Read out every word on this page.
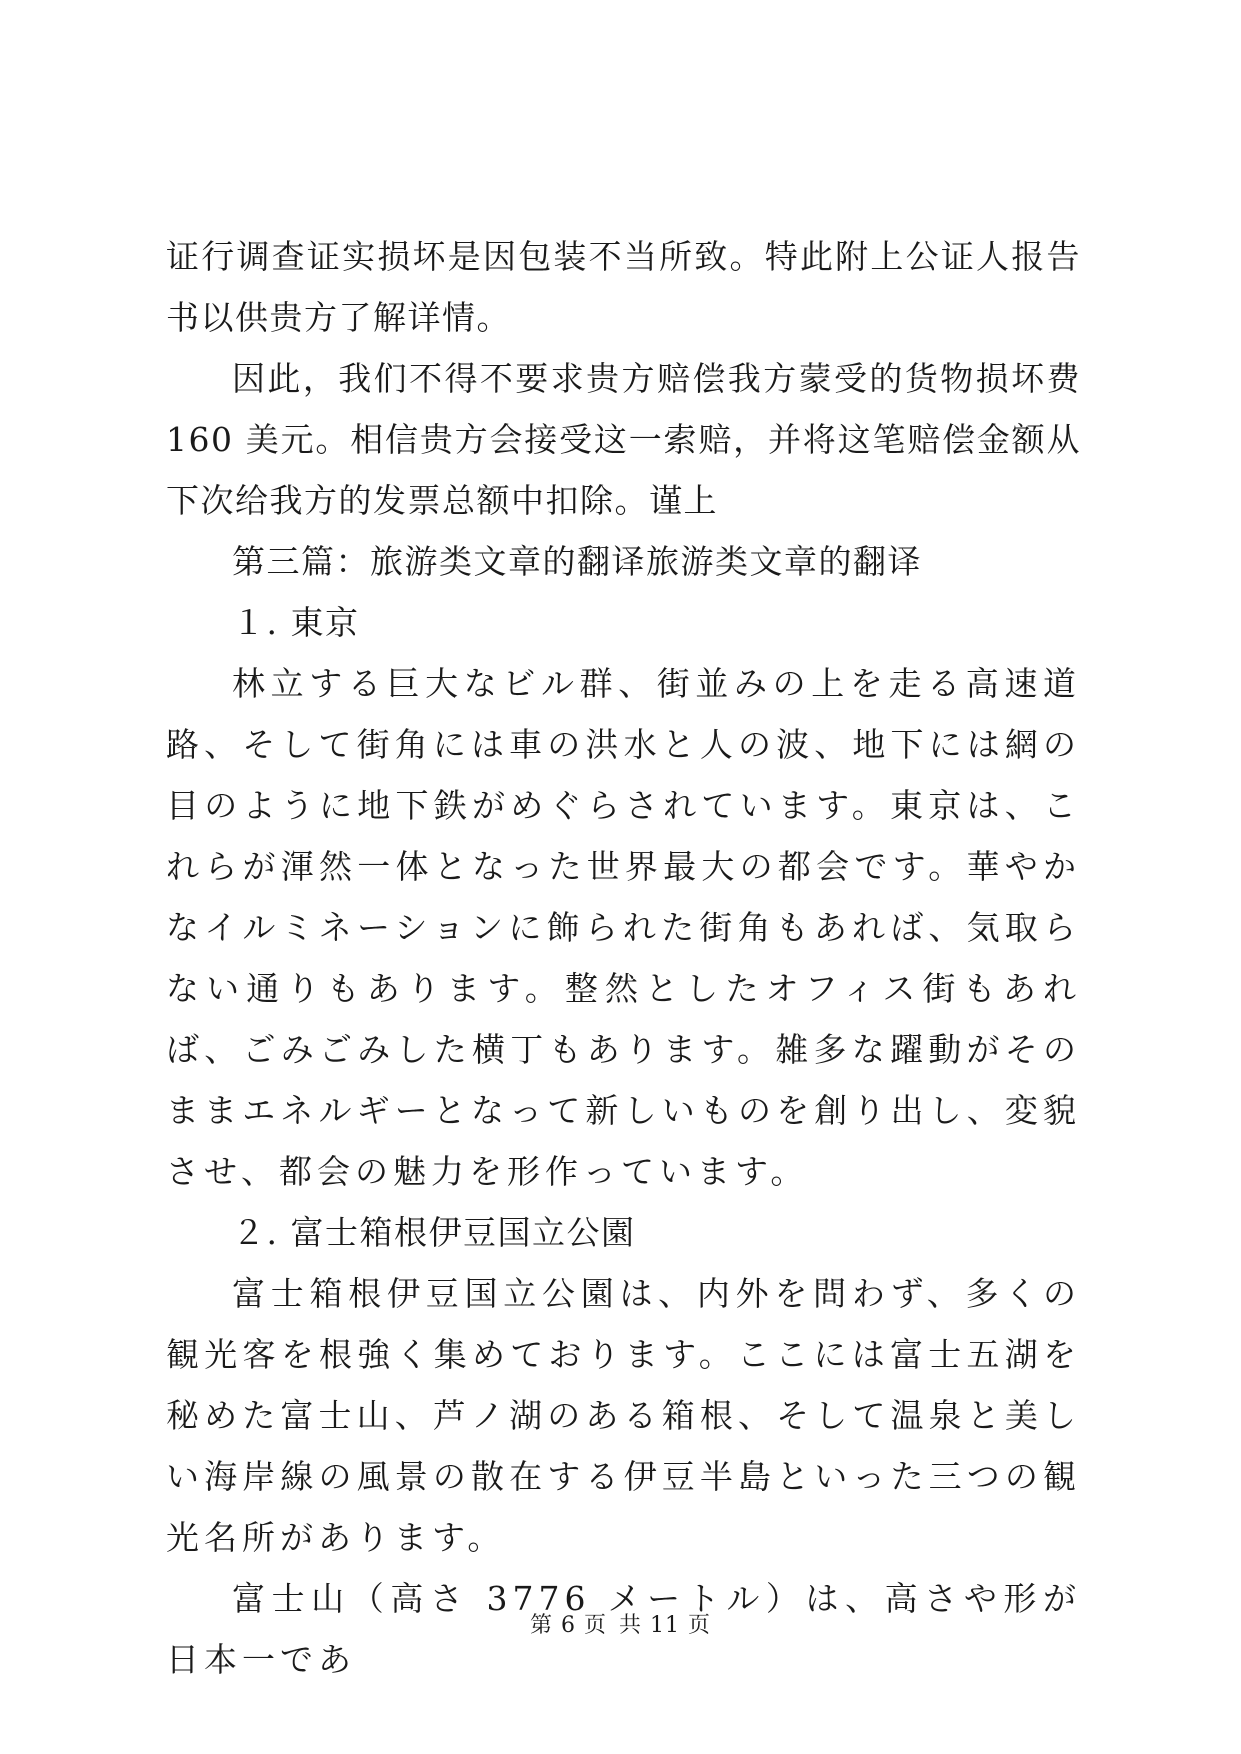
证行调查证实损坏是因包装不当所致。特此附上公证人报告书以供贵方了解详情。

因此，我们不得不要求贵方赔偿我方蒙受的货物损坏费 160 美元。相信贵方会接受这一索赔，并将这笔赔偿金额从下次给我方的发票总额中扣除。谨上

第三篇：旅游类文章的翻译旅游类文章的翻译

１. 東京

林立する巨大なビル群、街並みの上を走る高速道路、そして街角には車の洪水と人の波、地下には網の目のように地下鉄がめぐらされています。東京は、これらが渾然一体となった世界最大の都会です。華やかなイルミネーションに飾られた街角もあれば、気取らない通りもあります。整然としたオフィス街もあれば、ごみごみした横丁もあります。雑多な躍動がそのままエネルギーとなって新しいものを創り出し、変貌させ、都会の魅力を形作っています。

２. 富士箱根伊豆国立公園

富士箱根伊豆国立公園は、内外を問わず、多くの観光客を根強く集めております。ここには富士五湖を秘めた富士山、芦ノ湖のある箱根、そして温泉と美しい海岸線の風景の散在する伊豆半島といった三つの観光名所があります。

富士山（高さ 3776 メートル）は、高さや形が日本一であ

第 6 页 共 11 页
